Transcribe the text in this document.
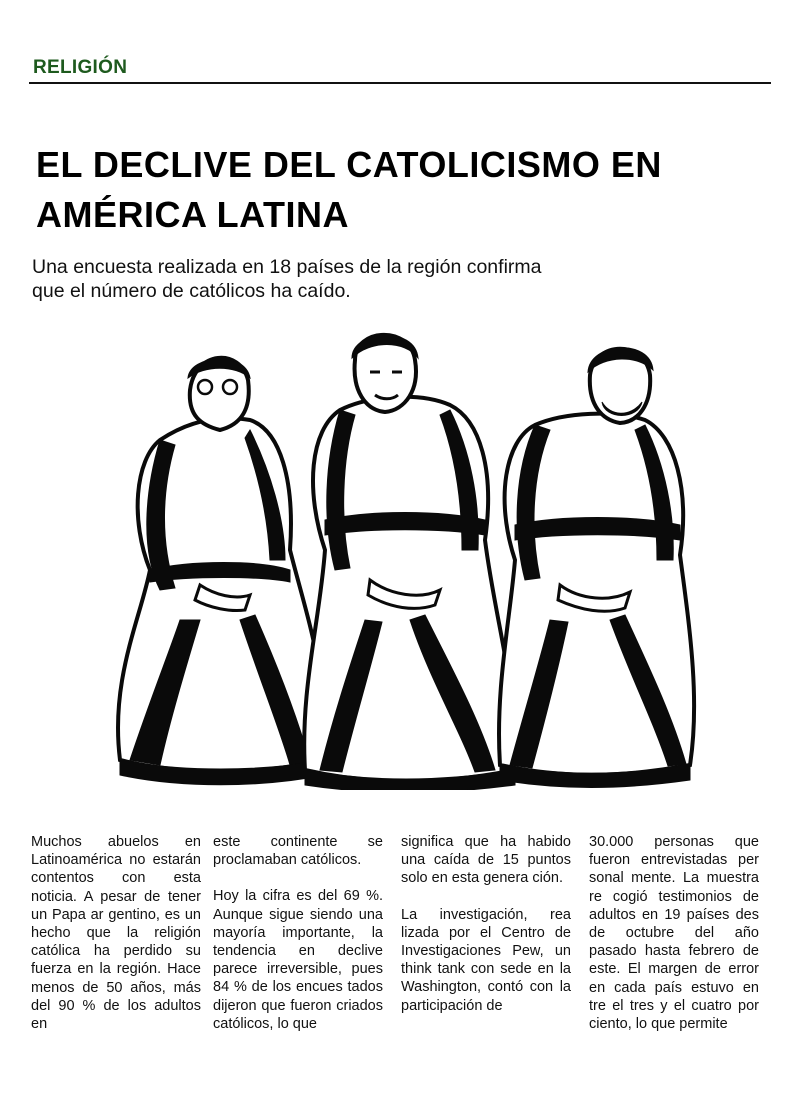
RELIGIÓN
EL DECLIVE DEL CATOLICISMO EN
AMÉRICA LATINA
Una encuesta realizada en 18 países de la región confirma
que el número de católicos ha caído.

Muchos abuelos en Latinoamérica no estarán contentos con esta noticia. A pesar de tener un Papa ar gentino, es un hecho que la religión católica ha perdido su fuerza en la región. Hace menos de 50 años, más del 90 % de los adultos en

este continente se proclamaban católicos.

Hoy la cifra es del 69 %. Aunque sigue siendo una mayoría importante, la tendencia en declive parece irreversible, pues 84 % de los encues tados dijeron que fueron criados católicos, lo que

significa que ha habido una caída de 15 puntos solo en esta genera ción.

La investigación, rea lizada por el Centro de Investigaciones Pew, un think tank con sede en la Washington, contó con la participación de

30.000 personas que fueron entrevistadas per sonal mente. La muestra re cogió testimonios de adultos en 19 países des de octubre del año pasado hasta febrero de este. El margen de error en cada país estuvo en tre el tres y el cuatro por ciento, lo que permite
